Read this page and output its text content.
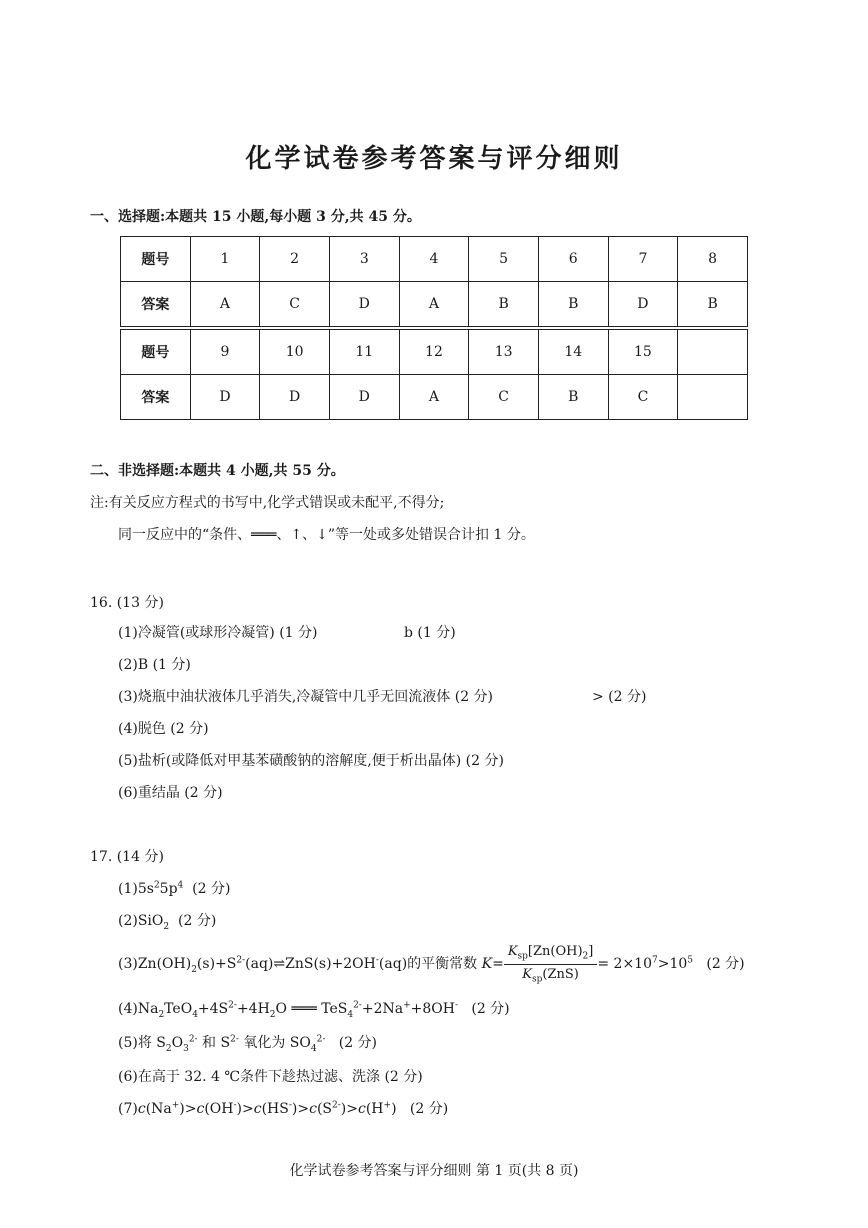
化学试卷参考答案与评分细则
一、选择题:本题共 15 小题,每小题 3 分,共 45 分。
题号	1	2	3	4	5	6	7	8
答案	A	C	D	A	B	B	D	B
题号	9	10	11	12	13	14	15	
答案	D	D	D	A	C	B	C	
二、非选择题:本题共 4 小题,共 55 分。
注:有关反应方程式的书写中,化学式错误或未配平,不得分;
同一反应中的“条件、═══、↑、↓”等一处或多处错误合计扣 1 分。
16. (13 分)
(1)冷凝管(或球形冷凝管) (1 分)	b (1 分)
(2)B (1 分)
(3)烧瓶中油状液体几乎消失,冷凝管中几乎无回流液体 (2 分)	> (2 分)
(4)脱色 (2 分)
(5)盐析(或降低对甲基苯磺酸钠的溶解度,便于析出晶体) (2 分)
(6)重结晶 (2 分)
17. (14 分)
$(1)5s^25p^4$  (2 分)
(2)SiO$_2$  (2 分)
$(3)Zn(OH)_2(s)+S^{2-}(aq)\rightleftharpoons ZnS(s)+2OH^-(aq)$的平衡常数 $K= \frac{K_{sp}[Zn(OH)_2]}{K_{sp}(ZnS)} = 2\times 10^7>10^5$   (2 分)
$(4)Na_2TeO_4+4S^{2-}+4H_2O$ ═══ TeS$_4^{2-}$+2Na++8OH-   (2 分)
(5)将 $S_2O_3^{2-}$ 和 $S^{2-}$ 氧化为 $SO_4^{2-}$   (2 分)
(6)在高于 32. 4 ℃条件下趁热过滤、洗涤 (2 分)
$(7)c(Na^+)>c(OH^-)>c(HS^-)>c(S^{2-})>c(H^+)$   (2 分)
化学试卷参考答案与评分细则 第 1 页(共 8 页)
